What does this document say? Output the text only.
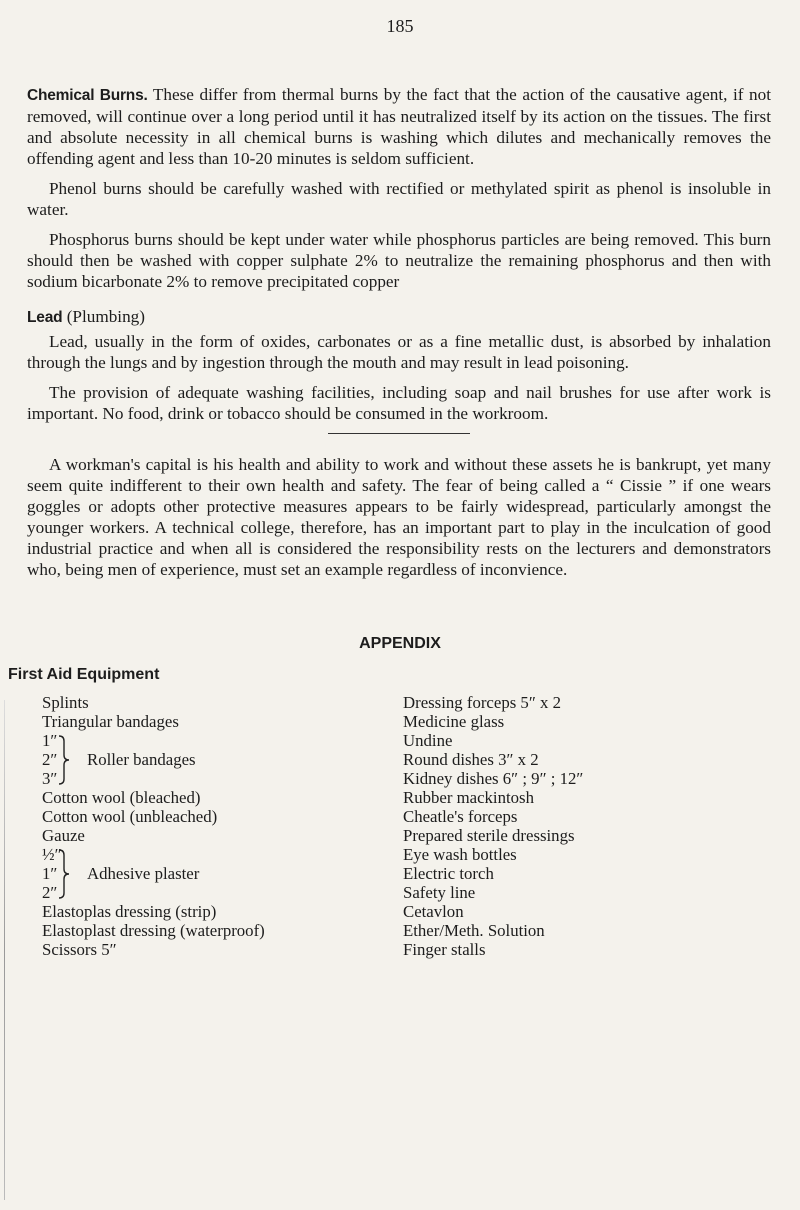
185

Chemical Burns. These differ from thermal burns by the fact that the action of the causative agent, if not removed, will continue over a long period until it has neutralized itself by its action on the tissues. The first and absolute necessity in all chemical burns is washing which dilutes and mechanically removes the offending agent and less than 10-20 minutes is seldom sufficient.

Phenol burns should be carefully washed with rectified or methylated spirit as phenol is insoluble in water.

Phosphorus burns should be kept under water while phosphorus particles are being removed. This burn should then be washed with copper sulphate 2% to neutralize the remaining phosphorus and then with sodium bicarbonate 2% to remove precipitated copper

Lead (Plumbing)

Lead, usually in the form of oxides, carbonates or as a fine metallic dust, is absorbed by inhalation through the lungs and by ingestion through the mouth and may result in lead poisoning.

The provision of adequate washing facilities, including soap and nail brushes for use after work is important. No food, drink or tobacco should be consumed in the workroom.

A workman's capital is his health and ability to work and without these assets he is bankrupt, yet many seem quite indifferent to their own health and safety. The fear of being called a “ Cissie ” if one wears goggles or adopts other protective measures appears to be fairly widespread, particularly amongst the younger workers. A technical college, therefore, has an important part to play in the inculcation of good industrial practice and when all is considered the responsibility rests on the lecturers and demonstrators who, being men of experience, must set an example regardless of inconvience.

APPENDIX
First Aid Equipment
Splints
Triangular bandages
1″
2″
3″
Roller bandages
Cotton wool (bleached)
Cotton wool (unbleached)
Gauze
½″
1″
2″
Adhesive plaster
Elastoplas dressing (strip)
Elastoplast dressing (waterproof)
Scissors 5″
Dressing forceps 5″ x 2
Medicine glass
Undine
Round dishes 3″ x 2
Kidney dishes 6″ ; 9″ ; 12″
Rubber mackintosh
Cheatle's forceps
Prepared sterile dressings
Eye wash bottles
Electric torch
Safety line
Cetavlon
Ether/Meth. Solution
Finger stalls
